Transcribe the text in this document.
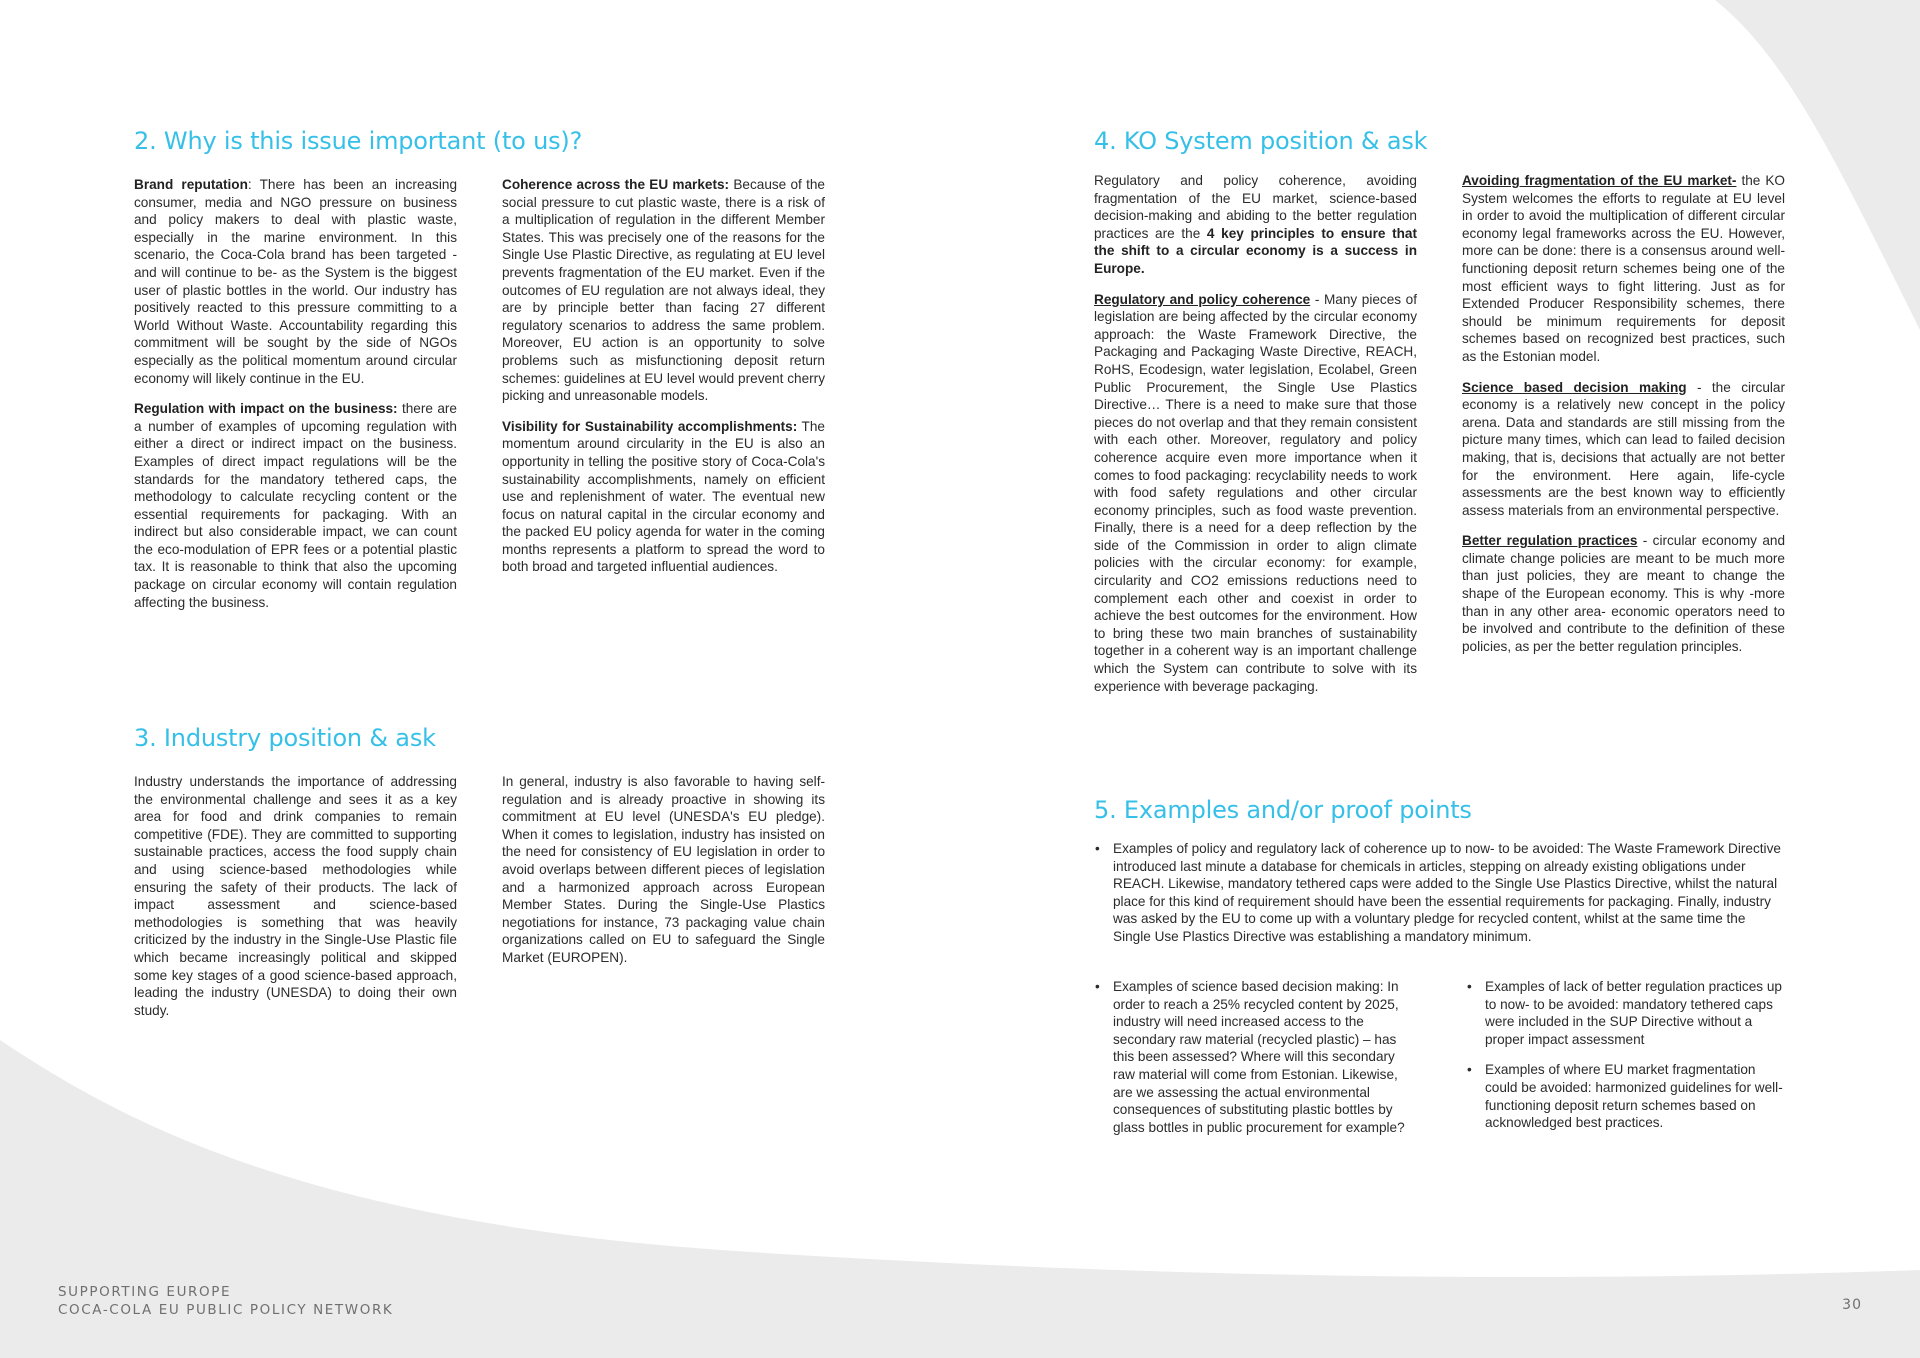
2. Why is this issue important (to us)?

Brand reputation: There has been an increasing consumer, media and NGO pressure on business and policy makers to deal with plastic waste, especially in the marine environment. In this scenario, the Coca-Cola brand has been targeted -and will continue to be- as the System is the biggest user of plastic bottles in the world. Our industry has positively reacted to this pressure committing to a World Without Waste. Accountability regarding this commitment will be sought by the side of NGOs especially as the political momentum around circular economy will likely continue in the EU.

Regulation with impact on the business: there are a number of examples of upcoming regulation with either a direct or indirect impact on the business. Examples of direct impact regulations will be the standards for the mandatory tethered caps, the methodology to calculate recycling content or the essential requirements for packaging. With an indirect but also considerable impact, we can count the eco-modulation of EPR fees or a potential plastic tax. It is reasonable to think that also the upcoming package on circular economy will contain regulation affecting the business.

Coherence across the EU markets: Because of the social pressure to cut plastic waste, there is a risk of a multiplication of regulation in the different Member States. This was precisely one of the reasons for the Single Use Plastic Directive, as regulating at EU level prevents fragmentation of the EU market. Even if the outcomes of EU regulation are not always ideal, they are by principle better than facing 27 different regulatory scenarios to address the same problem. Moreover, EU action is an opportunity to solve problems such as misfunctioning deposit return schemes: guidelines at EU level would prevent cherry picking and unreasonable models.

Visibility for Sustainability accomplishments: The momentum around circularity in the EU is also an opportunity in telling the positive story of Coca-Cola's sustainability accomplishments, namely on efficient use and replenishment of water. The eventual new focus on natural capital in the circular economy and the packed EU policy agenda for water in the coming months represents a platform to spread the word to both broad and targeted influential audiences.

3. Industry position & ask

Industry understands the importance of addressing the environmental challenge and sees it as a key area for food and drink companies to remain competitive (FDE). They are committed to supporting sustainable practices, access the food supply chain and using science-based methodologies while ensuring the safety of their products. The lack of impact assessment and science-based methodologies is something that was heavily criticized by the industry in the Single-Use Plastic file which became increasingly political and skipped some key stages of a good science-based approach, leading the industry (UNESDA) to doing their own study.

In general, industry is also favorable to having self-regulation and is already proactive in showing its commitment at EU level (UNESDA's EU pledge). When it comes to legislation, industry has insisted on the need for consistency of EU legislation in order to avoid overlaps between different pieces of legislation and a harmonized approach across European Member States. During the Single-Use Plastics negotiations for instance, 73 packaging value chain organizations called on EU to safeguard the Single Market (EUROPEN).

4. KO System position & ask

Regulatory and policy coherence, avoiding fragmentation of the EU market, science-based decision-making and abiding to the better regulation practices are the 4 key principles to ensure that the shift to a circular economy is a success in Europe.

Regulatory and policy coherence - Many pieces of legislation are being affected by the circular economy approach: the Waste Framework Directive, the Packaging and Packaging Waste Directive, REACH, RoHS, Ecodesign, water legislation, Ecolabel, Green Public Procurement, the Single Use Plastics Directive… There is a need to make sure that those pieces do not overlap and that they remain consistent with each other. Moreover, regulatory and policy coherence acquire even more importance when it comes to food packaging: recyclability needs to work with food safety regulations and other circular economy principles, such as food waste prevention. Finally, there is a need for a deep reflection by the side of the Commission in order to align climate policies with the circular economy: for example, circularity and CO2 emissions reductions need to complement each other and coexist in order to achieve the best outcomes for the environment. How to bring these two main branches of sustainability together in a coherent way is an important challenge which the System can contribute to solve with its experience with beverage packaging.

Avoiding fragmentation of the EU market- the KO System welcomes the efforts to regulate at EU level in order to avoid the multiplication of different circular economy legal frameworks across the EU. However, more can be done: there is a consensus around well-functioning deposit return schemes being one of the most efficient ways to fight littering. Just as for Extended Producer Responsibility schemes, there should be minimum requirements for deposit schemes based on recognized best practices, such as the Estonian model.

Science based decision making - the circular economy is a relatively new concept in the policy arena. Data and standards are still missing from the picture many times, which can lead to failed decision making, that is, decisions that actually are not better for the environment. Here again, life-cycle assessments are the best known way to efficiently assess materials from an environmental perspective.

Better regulation practices - circular economy and climate change policies are meant to be much more than just policies, they are meant to change the shape of the European economy. This is why -more than in any other area- economic operators need to be involved and contribute to the definition of these policies, as per the better regulation principles.

5. Examples and/or proof points
• Examples of policy and regulatory lack of coherence up to now- to be avoided: The Waste Framework Directive introduced last minute a database for chemicals in articles, stepping on already existing obligations under REACH. Likewise, mandatory tethered caps were added to the Single Use Plastics Directive, whilst the natural place for this kind of requirement should have been the essential requirements for packaging. Finally, industry was asked by the EU to come up with a voluntary pledge for recycled content, whilst at the same time the Single Use Plastics Directive was establishing a mandatory minimum.
• Examples of science based decision making: In order to reach a 25% recycled content by 2025, industry will need increased access to the secondary raw material (recycled plastic) – has this been assessed? Where will this secondary raw material will come from Estonian. Likewise, are we assessing the actual environmental consequences of substituting plastic bottles by glass bottles in public procurement for example?
• Examples of lack of better regulation practices up to now- to be avoided: mandatory tethered caps were included in the SUP Directive without a proper impact assessment
• Examples of where EU market fragmentation could be avoided: harmonized guidelines for well-functioning deposit return schemes based on acknowledged best practices.
SUPPORTING EUROPE
COCA-COLA EU PUBLIC POLICY NETWORK	30
